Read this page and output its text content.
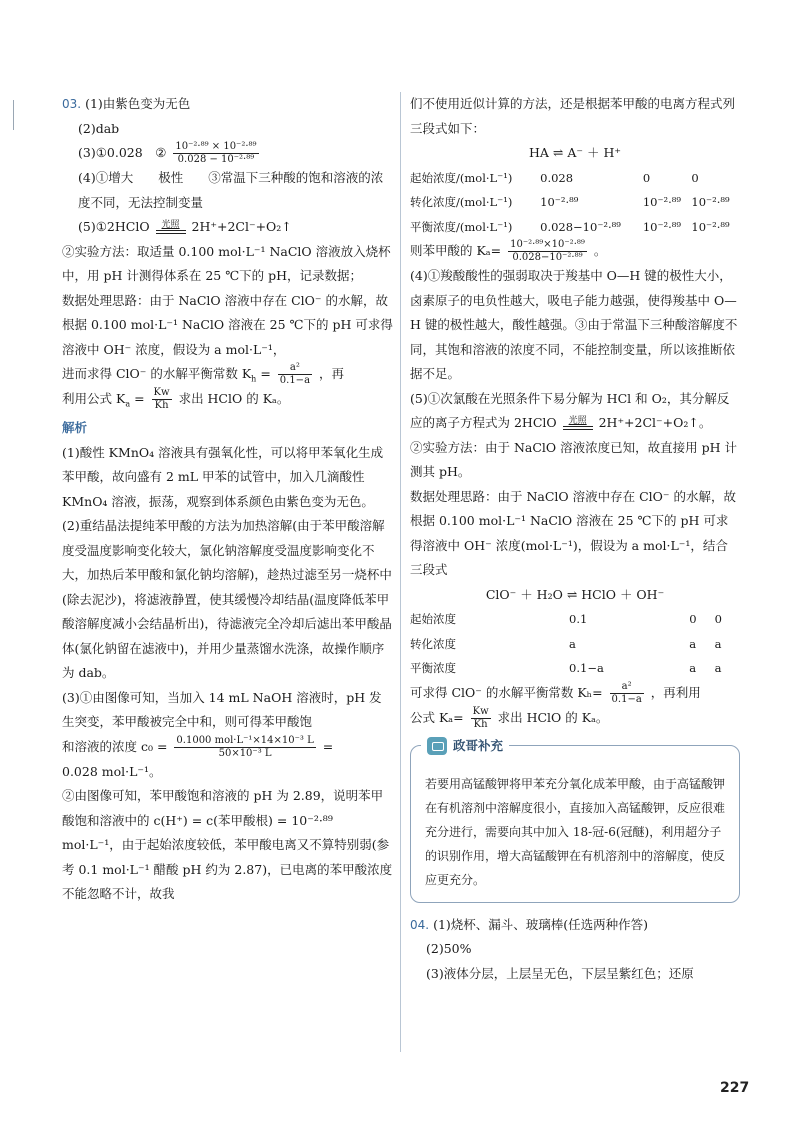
03. (1)由紫色变为无色

(2)dab

(3)①0.028　② $\frac{\text{10⁻²·⁸⁹ × 10⁻²·⁸⁹}}{\text{0.028 − 10⁻²·⁸⁹}}$

(4)①增大　　极性　　③常温下三种酸的饱和溶液的浓度不同，无法控制变量

(5)①2HClO	光照 2H⁺+2Cl⁻+O₂↑

②实验方法：取适量 0.100 mol·L⁻¹ NaClO 溶液放入烧杯中，用 pH 计测得体系在 25 ℃下的 pH，记录数据；

数据处理思路：由于 NaClO 溶液中存在 ClO⁻ 的水解，故根据 0.100 mol·L⁻¹ NaClO 溶液在 25 ℃下的 pH 可求得溶液中 OH⁻ 浓度，假设为 a mol·L⁻¹，

进而求得 ClO⁻ 的水解平衡常数 $K_h = \frac{\text{a²}}{0.1-a}$ ，再

利用公式 $K_a = \frac{Kw}{Kh}$ 求出 HClO 的 Kₐ。

解析

(1)酸性 KMnO₄ 溶液具有强氧化性，可以将甲苯氧化生成苯甲酸，故向盛有 2 mL 甲苯的试管中，加入几滴酸性 KMnO₄ 溶液，振荡，观察到体系颜色由紫色变为无色。

(2)重结晶法提纯苯甲酸的方法为加热溶解(由于苯甲酸溶解度受温度影响变化较大，氯化钠溶解度受温度影响变化不大，加热后苯甲酸和氯化钠均溶解)，趁热过滤至另一烧杯中(除去泥沙)，将滤液静置，使其缓慢冷却结晶(温度降低苯甲酸溶解度减小会结晶析出)，待滤液完全冷却后滤出苯甲酸晶体(氯化钠留在滤液中)，并用少量蒸馏水洗涤，故操作顺序为 dab。

(3)①由图像可知，当加入 14 mL NaOH 溶液时，pH 发生突变，苯甲酸被完全中和，则可得苯甲酸饱

和溶液的浓度 $c_0 = \frac{\text{0.1000 mol·L⁻¹×14×10⁻³ L}}{\text{50×10⁻³ L}}$ =

0.028 mol·L⁻¹。

②由图像可知，苯甲酸饱和溶液的 pH 为 2.89，说明苯甲酸饱和溶液中的 c(H⁺) = c(苯甲酸根) = 10⁻²·⁸⁹ mol·L⁻¹，由于起始浓度较低，苯甲酸电离又不算特别弱(参考 0.1 mol·L⁻¹ 醋酸 pH 约为 2.87)，已电离的苯甲酸浓度不能忽略不计，故我

们不使用近似计算的方法，还是根据苯甲酸的电离方程式列三段式如下：

HA ⇌ A⁻ ＋ H⁺

起始浓度/(mol·L⁻¹)	0.028	0	0
转化浓度/(mol·L⁻¹)	10⁻²·⁸⁹	10⁻²·⁸⁹	10⁻²·⁸⁹
平衡浓度/(mol·L⁻¹)	0.028−10⁻²·⁸⁹	10⁻²·⁸⁹	10⁻²·⁸⁹

则苯甲酸的 $K_a= \frac{\text{10⁻²·⁸⁹×10⁻²·⁸⁹}}{\text{0.028−10⁻²·⁸⁹}}$ 。

(4)①羧酸酸性的强弱取决于羧基中 O—H 键的极性大小，卤素原子的电负性越大，吸电子能力越强，使得羧基中 O—H 键的极性越大，酸性越强。③由于常温下三种酸溶解度不同，其饱和溶液的浓度不同，不能控制变量，所以该推断依据不足。

(5)①次氯酸在光照条件下易分解为 HCl 和 O₂，其分解反应的离子方程式为 2HClO	光照 2H⁺+2Cl⁻+O₂↑。

②实验方法：由于 NaClO 溶液浓度已知，故直接用 pH 计测其 pH。

数据处理思路：由于 NaClO 溶液中存在 ClO⁻ 的水解，故根据 0.100 mol·L⁻¹ NaClO 溶液在 25 ℃下的 pH 可求得溶液中 OH⁻ 浓度(mol·L⁻¹)，假设为 a mol·L⁻¹，结合三段式

ClO⁻ ＋ H₂O ⇌ HClO ＋ OH⁻

起始浓度	0.1	0	0
转化浓度	a	a	a
平衡浓度	0.1−a	a	a

可求得 ClO⁻ 的水解平衡常数 $K_h= \frac{\text{a²}}{0.1-a}$ ，再利用

公式 $K_a= \frac{Kw}{Kh}$ 求出 HClO 的 Kₐ。

政哥补充
若要用高锰酸钾将甲苯充分氧化成苯甲酸，由于高锰酸钾在有机溶剂中溶解度很小，直接加入高锰酸钾，反应很难充分进行，需要向其中加入 18-冠-6(冠醚)，利用超分子的识别作用，增大高锰酸钾在有机溶剂中的溶解度，使反应更充分。

04. (1)烧杯、漏斗、玻璃棒(任选两种作答)

(2)50%

(3)液体分层，上层呈无色，下层呈紫红色；还原

227
